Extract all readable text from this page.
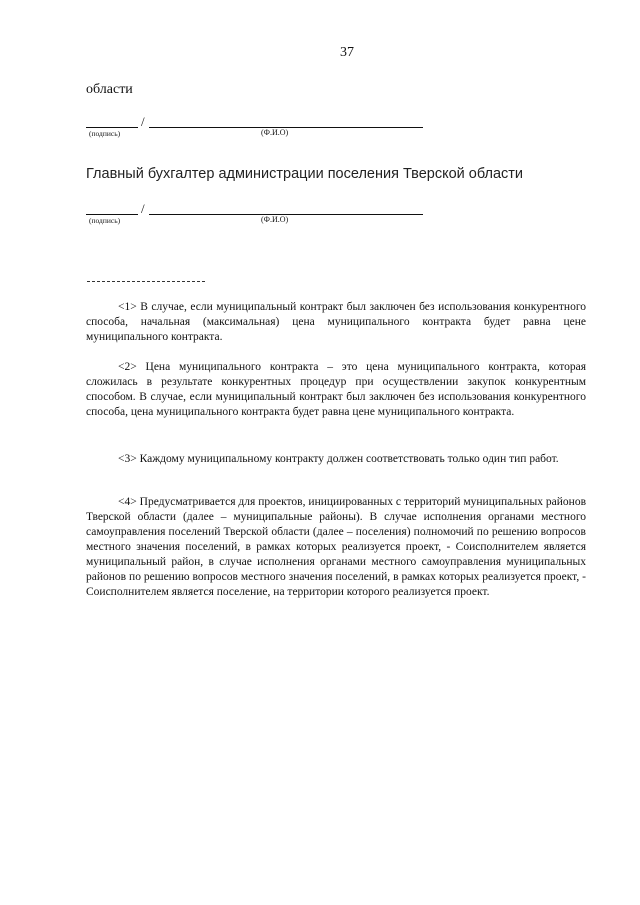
37
области
/
(подпись)	(Ф.И.О)
Главный бухгалтер администрации поселения Тверской области
/
(подпись)	(Ф.И.О)

<1> В случае, если муниципальный контракт был заключен без использования конкурентного способа, начальная (максимальная) цена муниципального контракта будет равна цене муниципального контракта.

<2> Цена муниципального контракта – это цена муниципального контракта, которая сложилась в результате конкурентных процедур при осуществлении закупок конкурентным способом. В случае, если муниципальный контракт был заключен без использования конкурентного способа, цена муниципального контракта будет равна цене муниципального контракта.

<3> Каждому муниципальному контракту должен соответствовать только один тип работ.

<4> Предусматривается для проектов, инициированных с территорий муниципальных районов Тверской области (далее – муниципальные районы). В случае исполнения органами местного самоуправления поселений Тверской области (далее – поселения) полномочий по решению вопросов местного значения поселений, в рамках которых реализуется проект, - Соисполнителем является муниципальный район, в случае исполнения органами местного самоуправления муниципальных районов по решению вопросов местного значения поселений, в рамках которых реализуется проект, - Соисполнителем является поселение, на территории которого реализуется проект.
